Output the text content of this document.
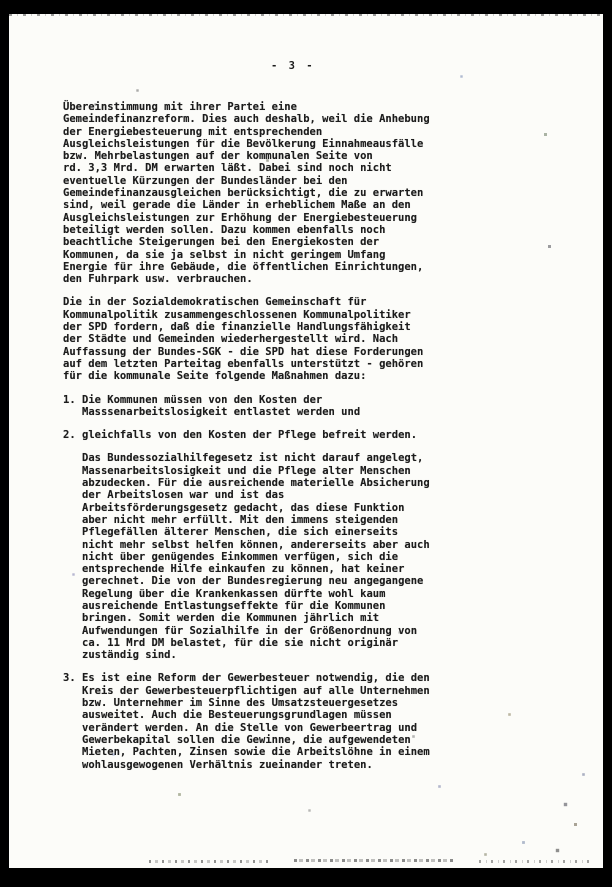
- 3 -
Übereinstimmung mit ihrer Partei eine
Gemeindefinanzreform. Dies auch deshalb, weil die Anhebung
der Energiebesteuerung mit entsprechenden
Ausgleichsleistungen für die Bevölkerung Einnahmeausfälle
bzw. Mehrbelastungen auf der kommunalen Seite von
rd. 3,3 Mrd. DM erwarten läßt. Dabei sind noch nicht
eventuelle Kürzungen der Bundesländer bei den
Gemeindefinanzausgleichen berücksichtigt, die zu erwarten
sind, weil gerade die Länder in erheblichem Maße an den
Ausgleichsleistungen zur Erhöhung der Energiebesteuerung
beteiligt werden sollen. Dazu kommen ebenfalls noch
beachtliche Steigerungen bei den Energiekosten der
Kommunen, da sie ja selbst in nicht geringem Umfang
Energie für ihre Gebäude, die öffentlichen Einrichtungen,
den Fuhrpark usw. verbrauchen.
Die in der Sozialdemokratischen Gemeinschaft für
Kommunalpolitik zusammengeschlossenen Kommunalpolitiker
der SPD fordern, daß die finanzielle Handlungsfähigkeit
der Städte und Gemeinden wiederhergestellt wird. Nach
Auffassung der Bundes-SGK - die SPD hat diese Forderungen
auf dem letzten Parteitag ebenfalls unterstützt - gehören
für die kommunale Seite folgende Maßnahmen dazu:
1. Die Kommunen müssen von den Kosten der
Masssenarbeitslosigkeit entlastet werden und
2. gleichfalls von den Kosten der Pflege befreit werden.
Das Bundessozialhilfegesetz ist nicht darauf angelegt,
Massenarbeitslosigkeit und die Pflege alter Menschen
abzudecken. Für die ausreichende materielle Absicherung
der Arbeitslosen war und ist das
Arbeitsförderungsgesetz gedacht, das diese Funktion
aber nicht mehr erfüllt. Mit den immens steigenden
Pflegefällen älterer Menschen, die sich einerseits
nicht mehr selbst helfen können, andererseits aber auch
nicht über genügendes Einkommen verfügen, sich die
entsprechende Hilfe einkaufen zu können, hat keiner
gerechnet. Die von der Bundesregierung neu angegangene
Regelung über die Krankenkassen dürfte wohl kaum
ausreichende Entlastungseffekte für die Kommunen
bringen. Somit werden die Kommunen jährlich mit
Aufwendungen für Sozialhilfe in der Größenordnung von
ca. 11 Mrd DM belastet, für die sie nicht originär
zuständig sind.
3. Es ist eine Reform der Gewerbesteuer notwendig, die den
Kreis der Gewerbesteuerpflichtigen auf alle Unternehmen
bzw. Unternehmer im Sinne des Umsatzsteuergesetzes
ausweitet. Auch die Besteuerungsgrundlagen müssen
verändert werden. An die Stelle von Gewerbeertrag und
Gewerbekapital sollen die Gewinne, die aufgewendeten
Mieten, Pachten, Zinsen sowie die Arbeitslöhne in einem
wohlausgewogenen Verhältnis zueinander treten.
